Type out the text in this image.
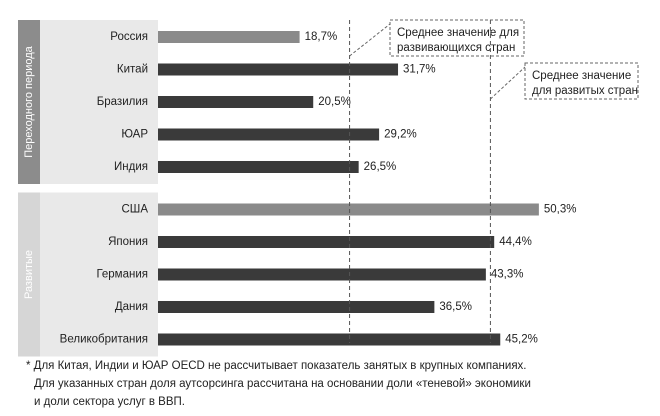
Переходного периода
Развитые
Россия	18,7%
Китай	31,7%
Бразилия	20,5%
ЮАР	29,2%
Индия	26,5%
США	50,3%
Япония	44,4%
Германия	43,3%
Дания	36,5%
Великобритания	45,2%
Среднее значение для
развивающихся стран
Среднее значение
для развитых стран
* Для Китая, Индии и ЮАР OECD не рассчитывает показатель занятых в крупных компаниях.
Для указанных стран доля аутсорсинга рассчитана на основании доли «теневой» экономики
и доли сектора услуг в ВВП.
